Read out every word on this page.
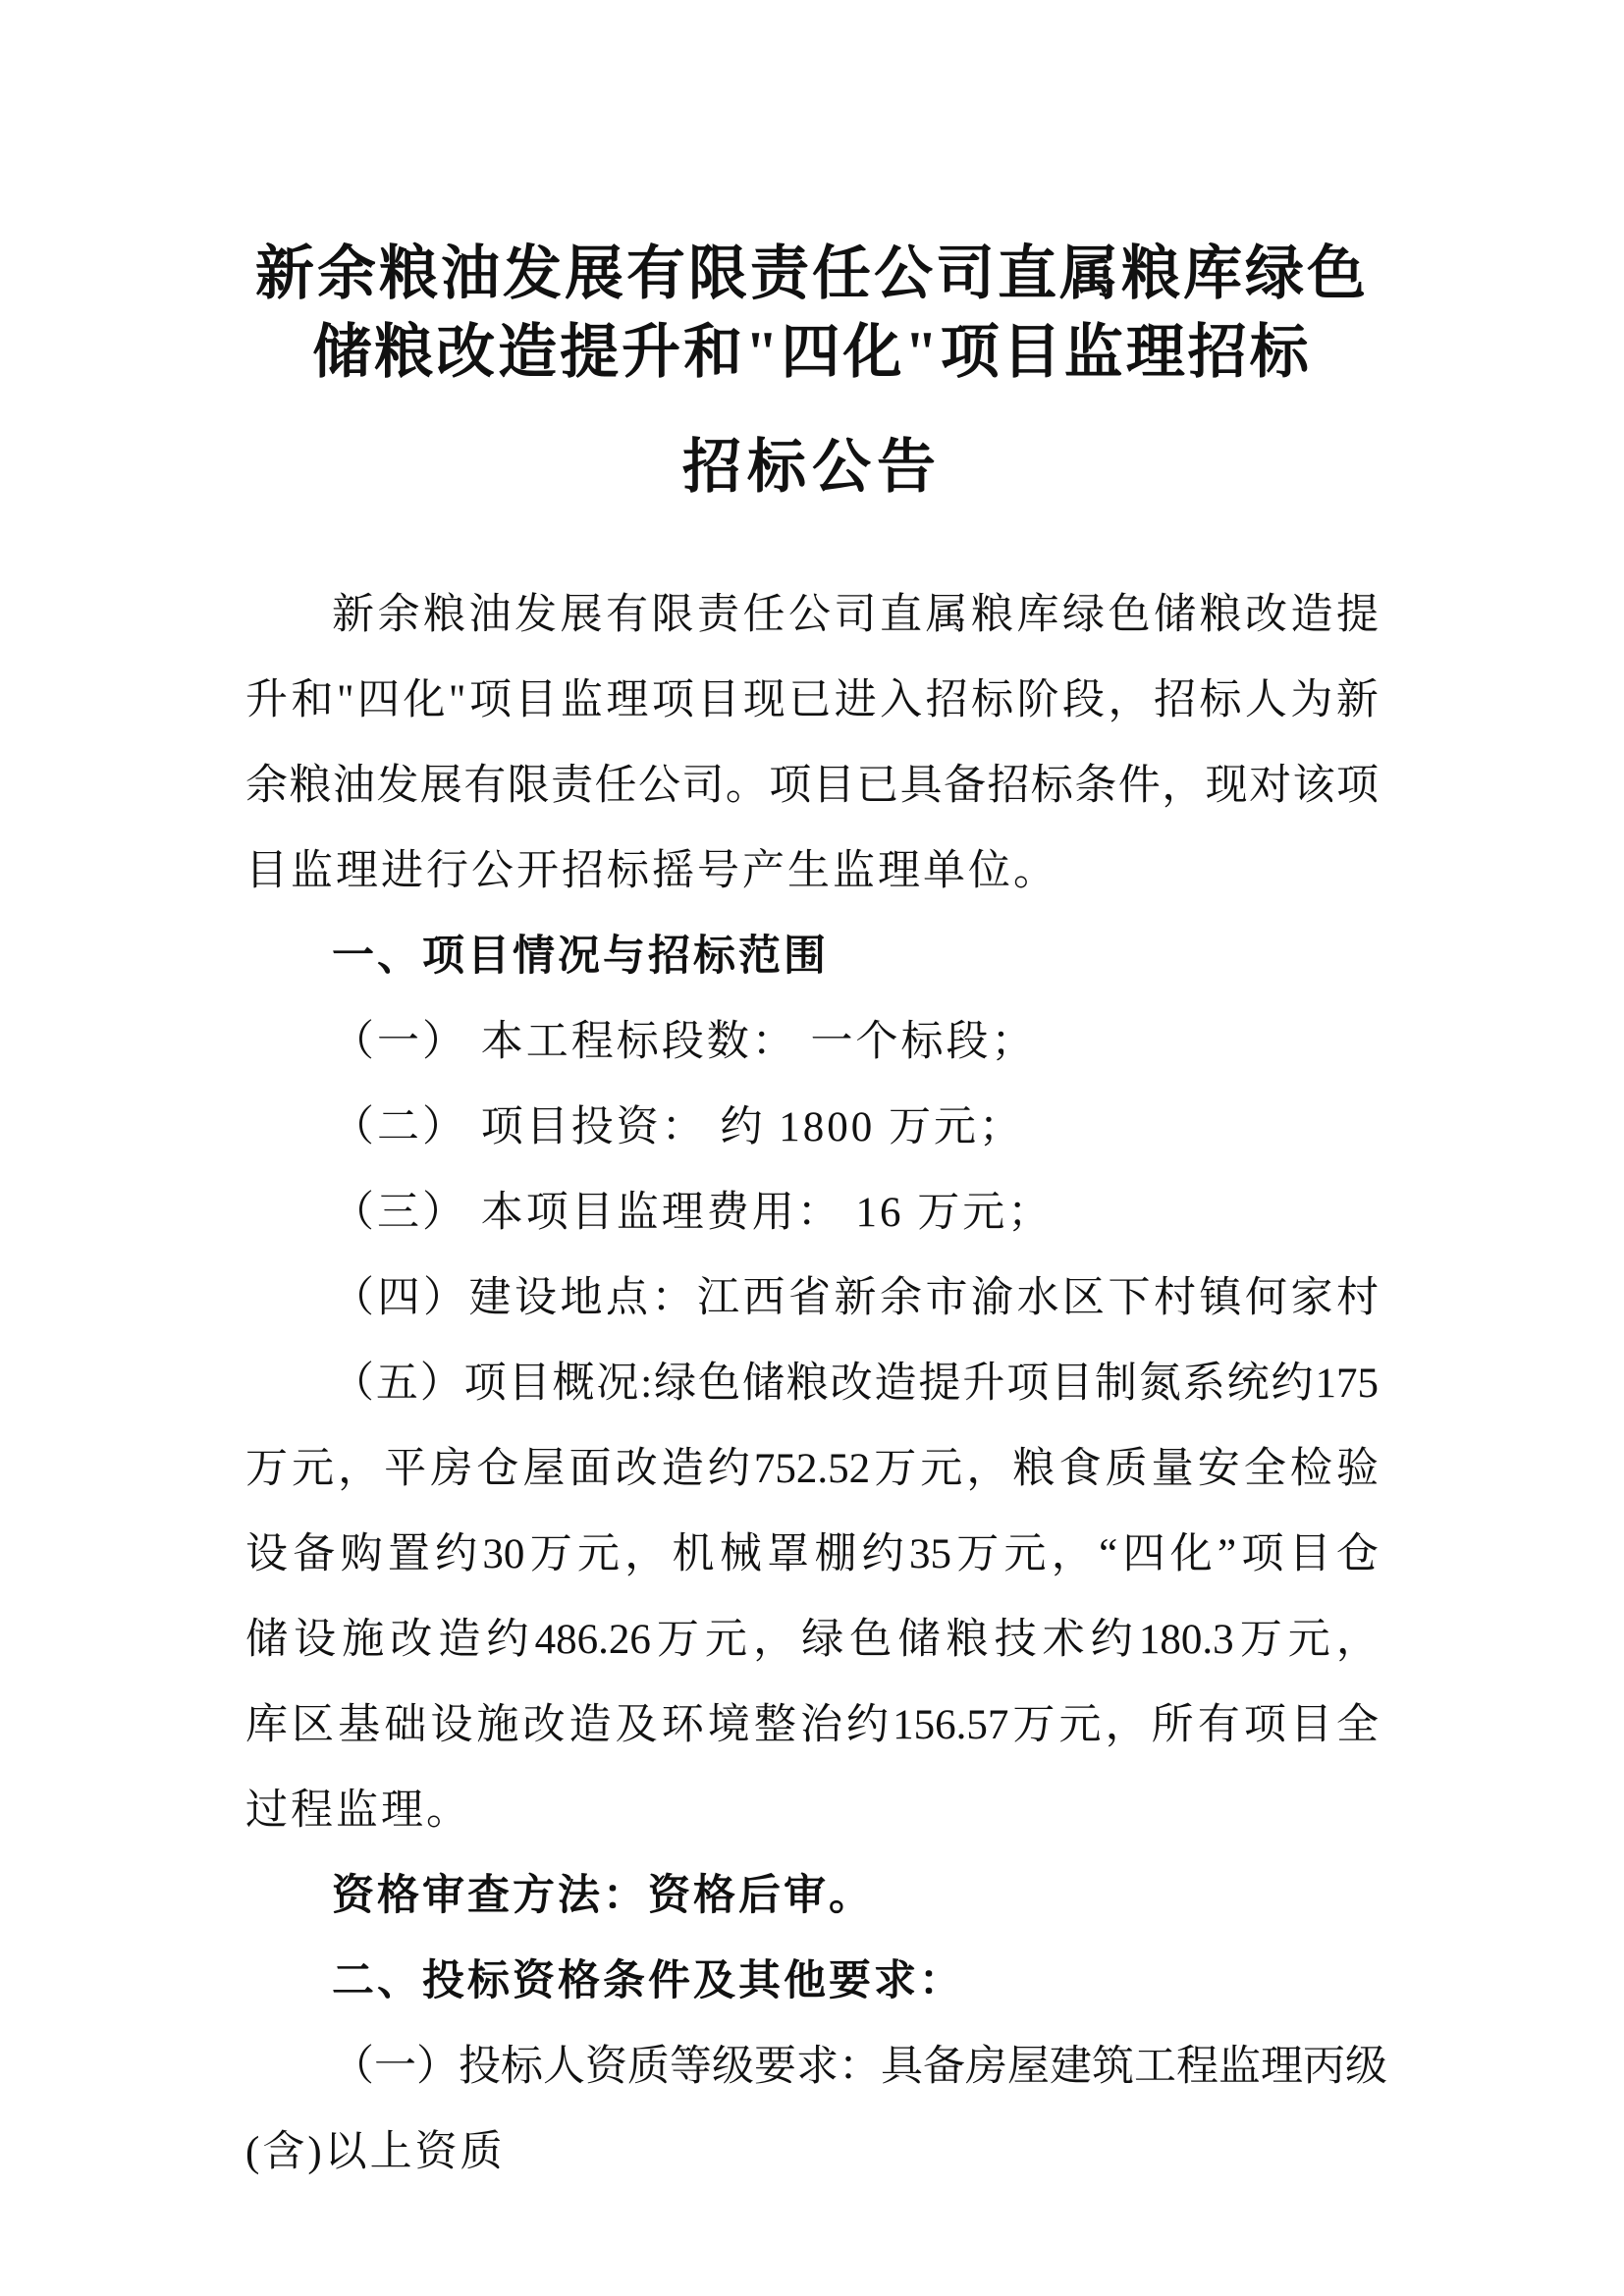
新余粮油发展有限责任公司直属粮库绿色
储粮改造提升和"四化"项目监理招标
招标公告
新 余 粮 油 发 展 有 限 责 任 公 司 直 属 粮 库 绿 色 储 粮 改 造 提
升 和 " 四 化 " 项 目 监 理 项 目 现 已 进 入 招 标 阶 段 ， 招 标 人 为 新
余 粮 油 发 展 有 限 责 任 公 司 。 项 目 已 具 备 招 标 条 件 ， 现 对 该 项
目监理进行公开招标摇号产生监理单位。
一、项目情况与招标范围
（一） 本工程标段数： 一个标段；
（二） 项目投资： 约 1800 万元；
（三） 本项目监理费用： 16 万元；
（ 四 ） 建 设 地 点 ： 江 西 省 新 余 市 渝 水 区 下 村 镇 何 家 村
（ 五 ） 项 目 概 况 : 绿 色 储 粮 改 造 提 升 项 目 制 氮 系 统 约 175
万 元 ， 平 房 仓 屋 面 改 造 约 752.52 万 元 ， 粮 食 质 量 安 全 检 验
设 备 购 置 约 30 万 元 ， 机 械 罩 棚 约 35 万 元 ， “ 四 化 ” 项 目 仓
储 设 施 改 造 约 486.26 万 元 ， 绿 色 储 粮 技 术 约 180.3 万 元 ，
库 区 基 础 设 施 改 造 及 环 境 整 治 约 156.57 万 元 ， 所 有 项 目 全
过程监理。
资格审查方法：资格后审。
二、投标资格条件及其他要求：
（ 一 ） 投 标 人 资 质 等 级 要 求 ： 具 备 房 屋 建 筑 工 程 监 理 丙 级
(含)以上资质
